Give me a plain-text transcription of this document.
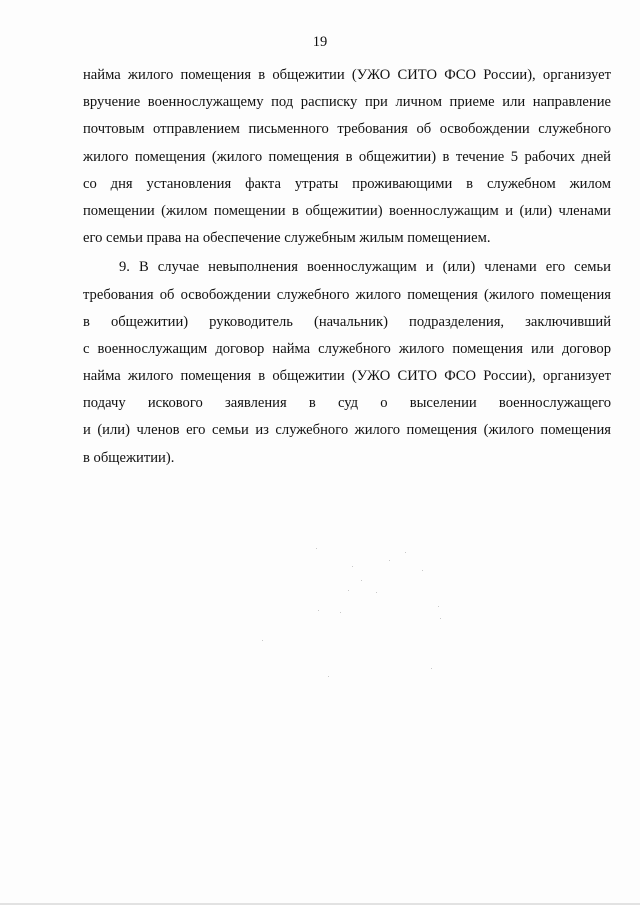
19
найма жилого помещения в общежитии (УЖО СИТО ФСО России), организует
вручение военнослужащему под расписку при личном приеме или направление
почтовым отправлением письменного требования об освобождении служебного
жилого помещения (жилого помещения в общежитии) в течение 5 рабочих дней
со дня установления факта утраты проживающими в служебном жилом
помещении (жилом помещении в общежитии) военнослужащим и (или) членами
его семьи права на обеспечение служебным жилым помещением.
9. В случае невыполнения военнослужащим и (или) членами его семьи
требования об освобождении служебного жилого помещения (жилого помещения
в общежитии) руководитель (начальник) подразделения, заключивший
с военнослужащим договор найма служебного жилого помещения или договор
найма жилого помещения в общежитии (УЖО СИТО ФСО России), организует
подачу искового заявления в суд о выселении военнослужащего
и (или) членов его семьи из служебного жилого помещения (жилого помещения
в общежитии).
